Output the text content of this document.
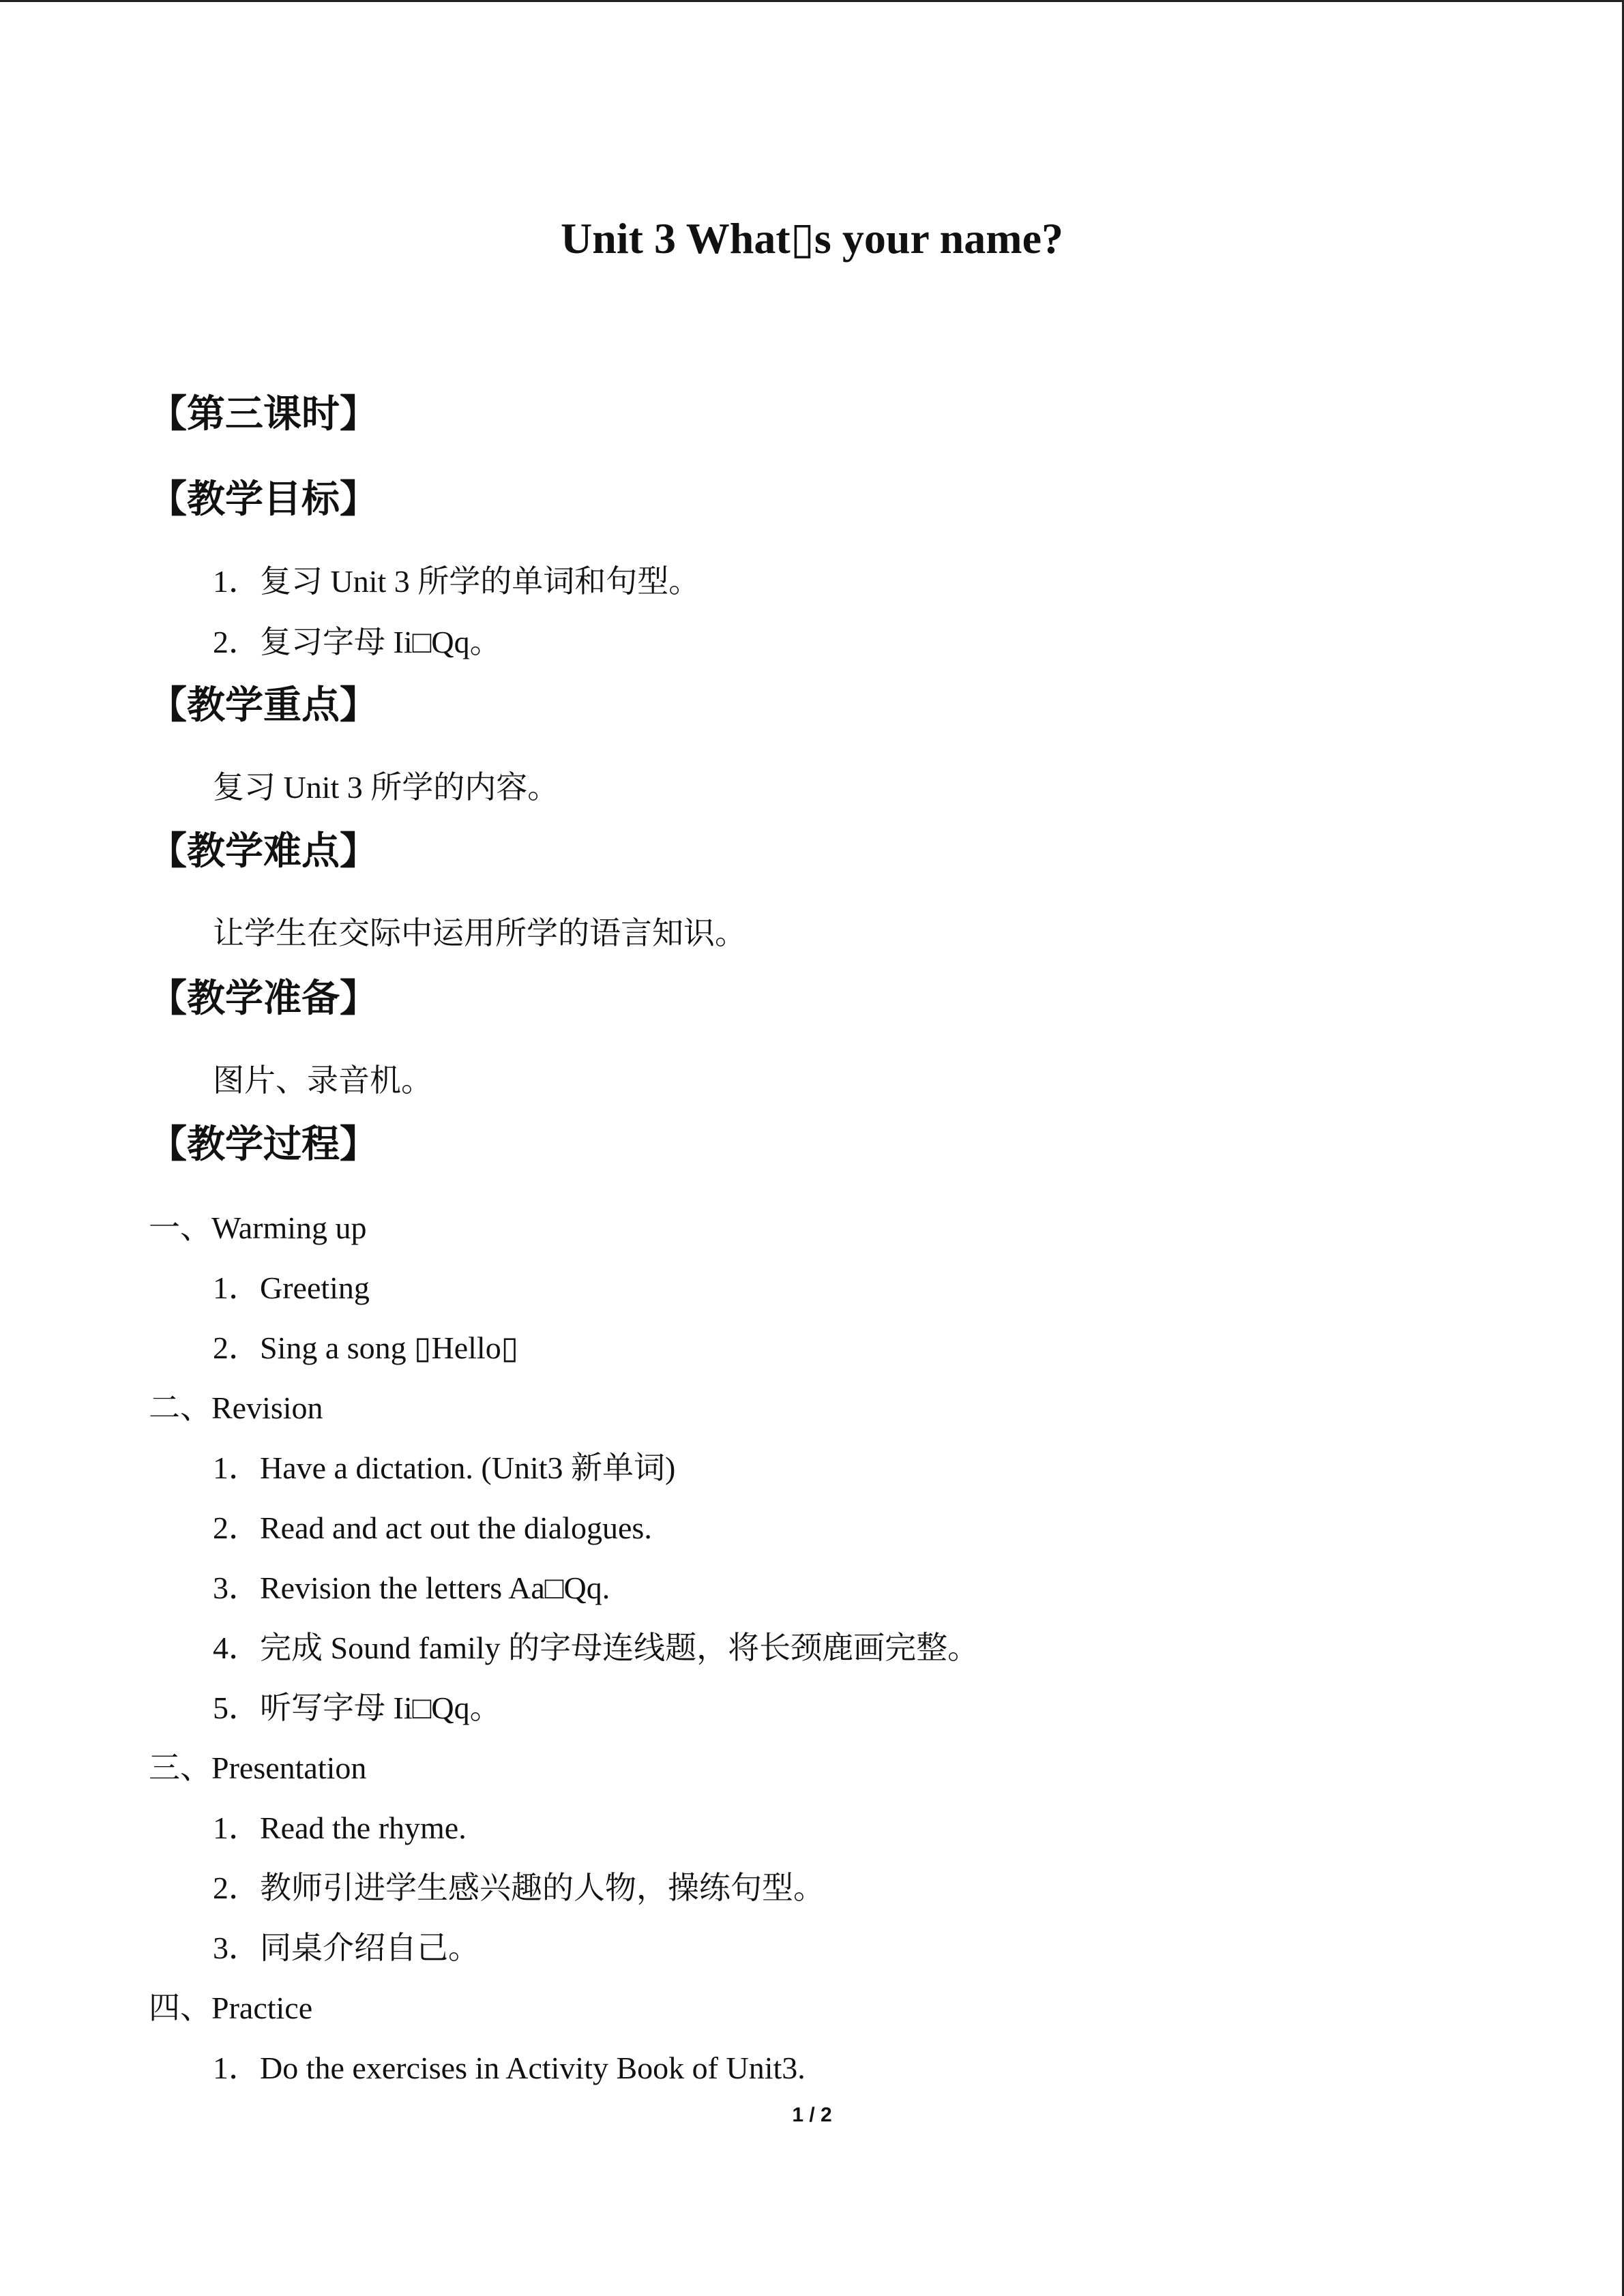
Unit 3 What▯s your name?
【第三课时】
【教学目标】
1．复习 Unit 3 所学的单词和句型。
2．复习字母 Ii□Qq。
【教学重点】
复习 Unit 3 所学的内容。
【教学难点】
让学生在交际中运用所学的语言知识。
【教学准备】
图片、录音机。
【教学过程】
一、Warming up
1．Greeting
2．Sing a song ▯Hello▯
二、Revision
1．Have a dictation. (Unit3 新单词)
2．Read and act out the dialogues.
3．Revision the letters Aa□Qq.
4．完成 Sound family 的字母连线题，将长颈鹿画完整。
5．听写字母 Ii□Qq。
三、Presentation
1．Read the rhyme.
2．教师引进学生感兴趣的人物，操练句型。
3．同桌介绍自己。
四、Practice
1．Do the exercises in Activity Book of Unit3.
1 / 2
